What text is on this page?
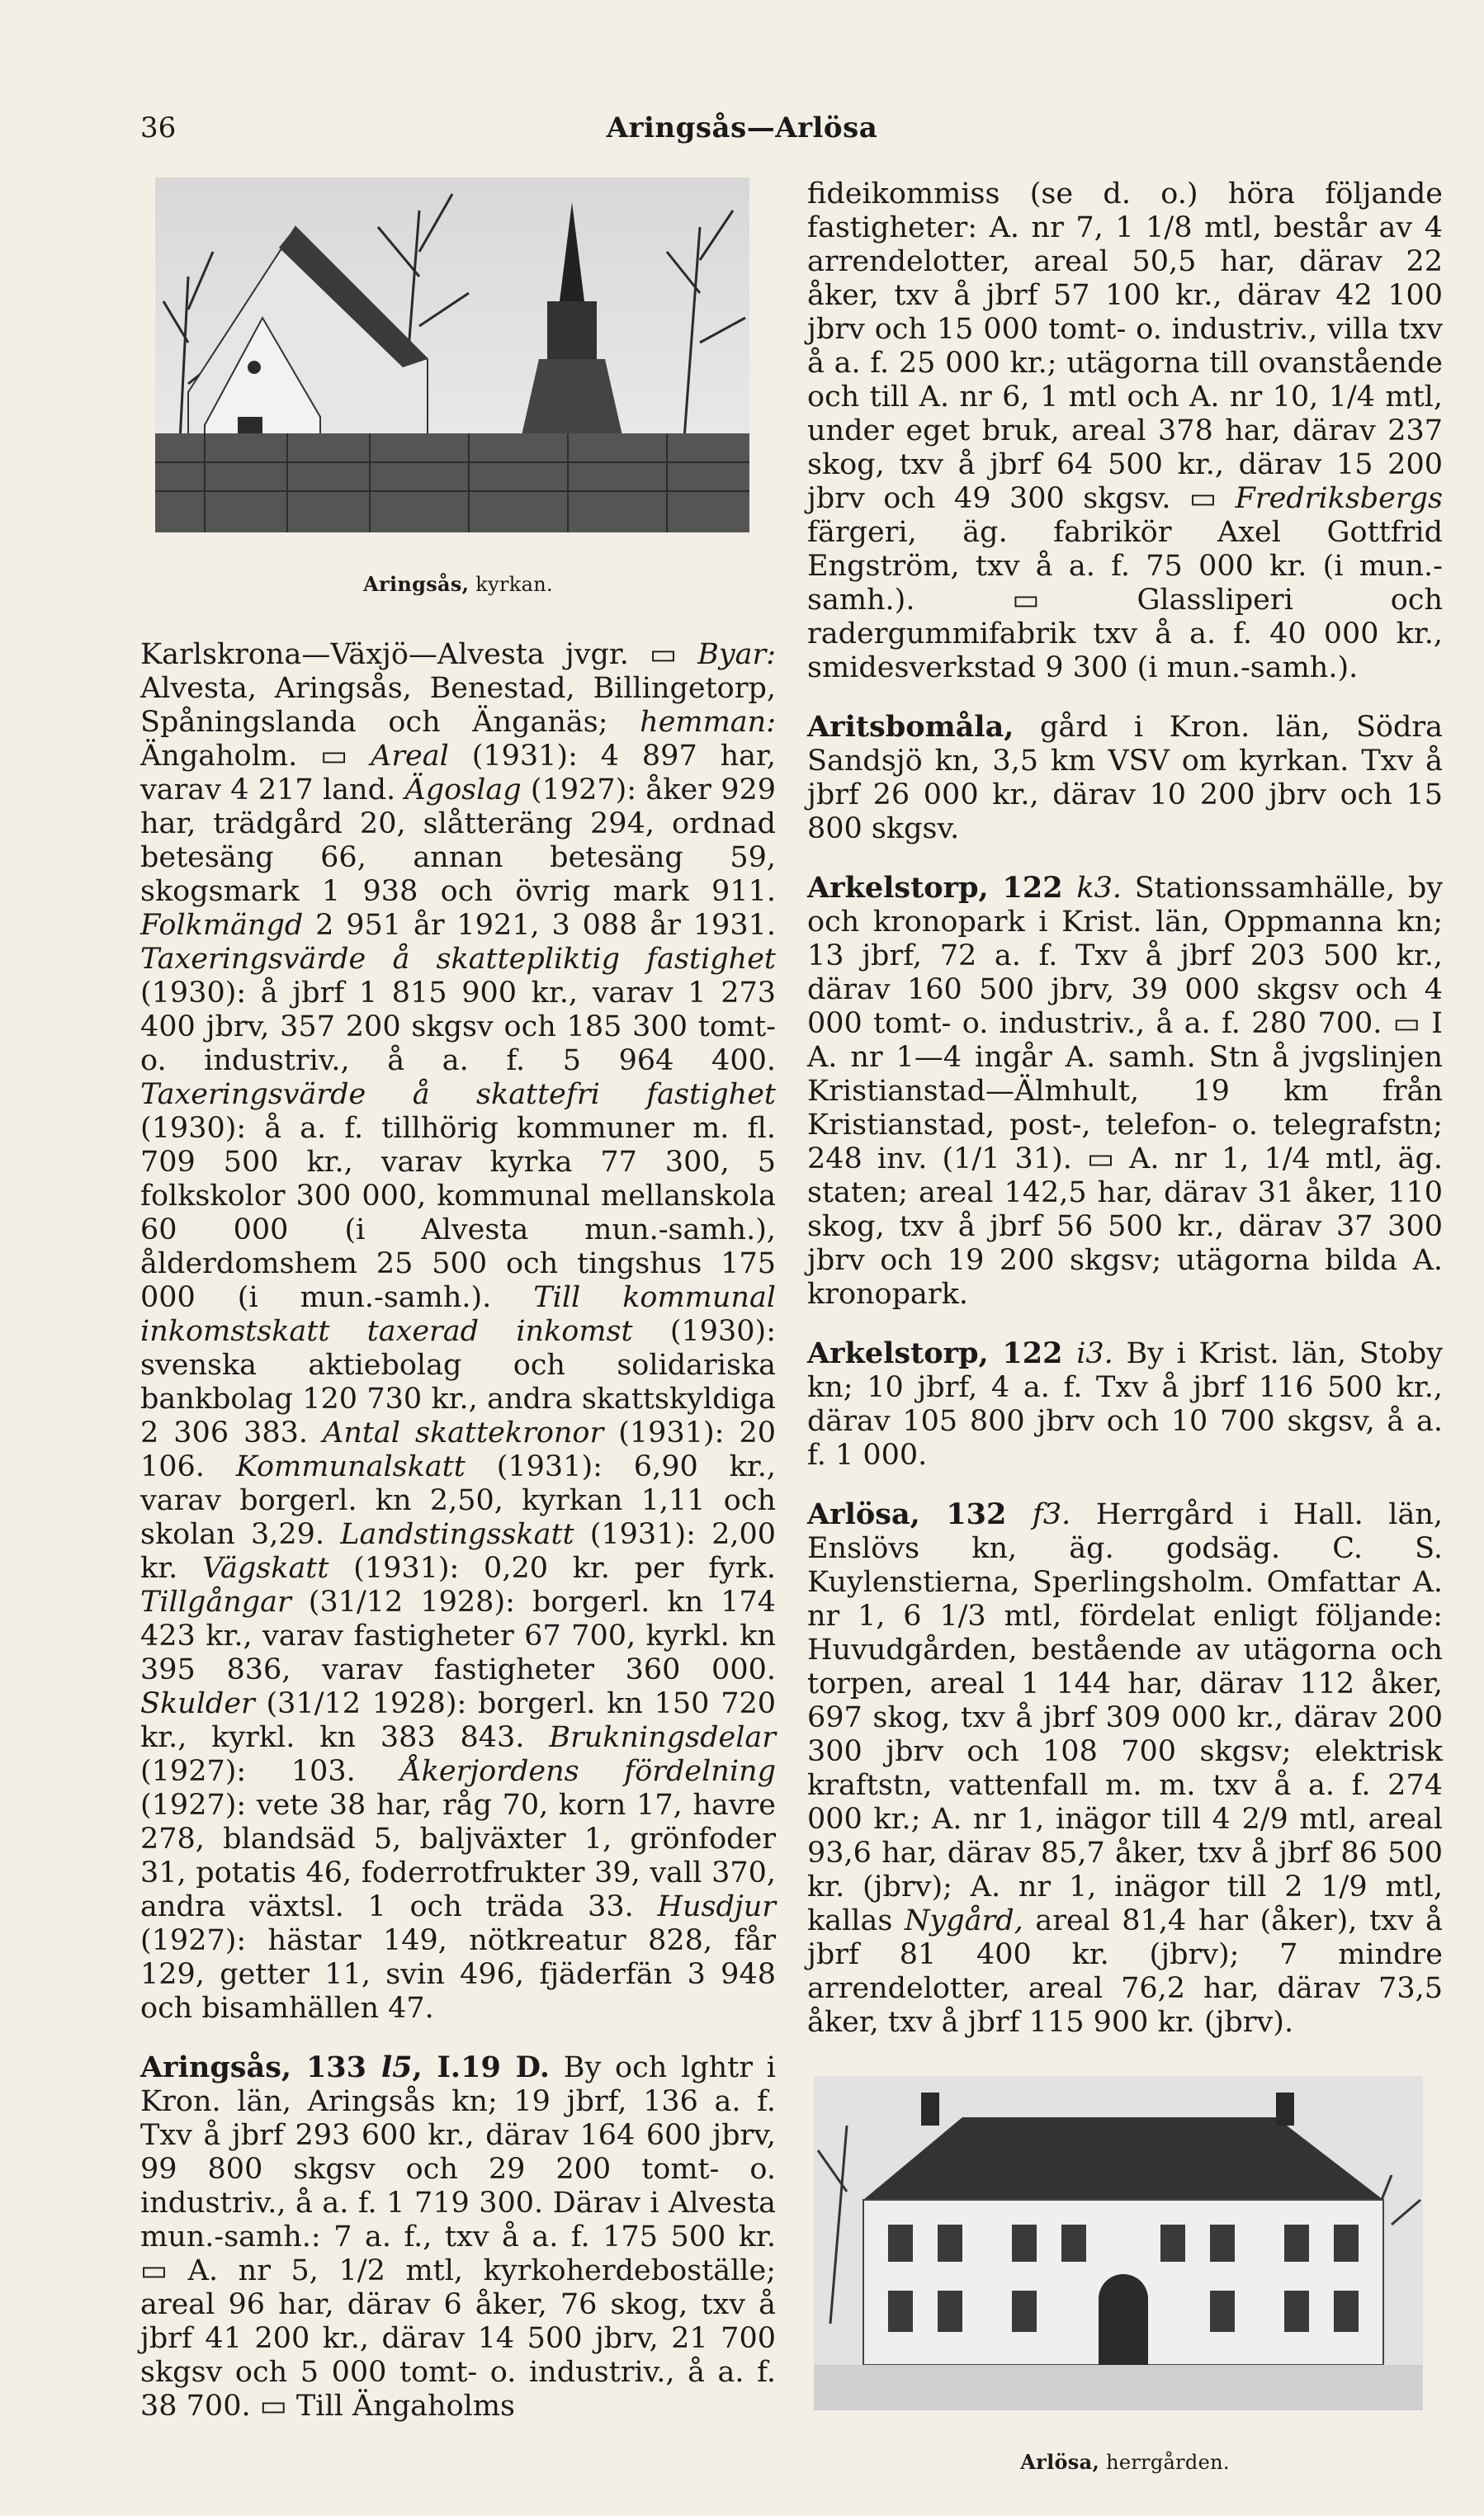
36	Aringsås—Arlösa
Aringsås, kyrkan.

Karlskrona—Växjö—Alvesta jvgr. ▭ Byar: Alvesta, Aringsås, Benestad, Billingetorp, Spåningslanda och Änganäs; hemman: Ängaholm. ▭ Areal (1931): 4 897 har, varav 4 217 land. Ägoslag (1927): åker 929 har, trädgård 20, slåtteräng 294, ordnad betesäng 66, annan betesäng 59, skogsmark 1 938 och övrig mark 911. Folkmängd 2 951 år 1921, 3 088 år 1931. Taxeringsvärde å skattepliktig fastighet (1930): å jbrf 1 815 900 kr., varav 1 273 400 jbrv, 357 200 skgsv och 185 300 tomt- o. industriv., å a. f. 5 964 400. Taxeringsvärde å skattefri fastighet (1930): å a. f. tillhörig kommuner m. fl. 709 500 kr., varav kyrka 77 300, 5 folkskolor 300 000, kommunal mellanskola 60 000 (i Alvesta mun.-samh.), ålderdomshem 25 500 och tingshus 175 000 (i mun.-samh.). Till kommunal inkomstskatt taxerad inkomst (1930): svenska aktiebolag och solidariska bankbolag 120 730 kr., andra skattskyldiga 2 306 383. Antal skattekronor (1931): 20 106. Kommunalskatt (1931): 6,90 kr., varav borgerl. kn 2,50, kyrkan 1,11 och skolan 3,29. Landstingsskatt (1931): 2,00 kr. Vägskatt (1931): 0,20 kr. per fyrk. Tillgångar (31/12 1928): borgerl. kn 174 423 kr., varav fastigheter 67 700, kyrkl. kn 395 836, varav fastigheter 360 000. Skulder (31/12 1928): borgerl. kn 150 720 kr., kyrkl. kn 383 843. Brukningsdelar (1927): 103. Åkerjordens fördelning (1927): vete 38 har, råg 70, korn 17, havre 278, blandsäd 5, baljväxter 1, grönfoder 31, potatis 46, foderrotfrukter 39, vall 370, andra växtsl. 1 och träda 33. Husdjur (1927): hästar 149, nötkreatur 828, får 129, getter 11, svin 496, fjäderfän 3 948 och bisamhällen 47.

Aringsås, 133 l5, I.19 D. By och lghtr i Kron. län, Aringsås kn; 19 jbrf, 136 a. f. Txv å jbrf 293 600 kr., därav 164 600 jbrv, 99 800 skgsv och 29 200 tomt- o. industriv., å a. f. 1 719 300. Därav i Alvesta mun.-samh.: 7 a. f., txv å a. f. 175 500 kr. ▭ A. nr 5, 1/2 mtl, kyrkoherdeboställe; areal 96 har, därav 6 åker, 76 skog, txv å jbrf 41 200 kr., därav 14 500 jbrv, 21 700 skgsv och 5 000 tomt- o. industriv., å a. f. 38 700. ▭ Till Ängaholms

fideikommiss (se d. o.) höra följande fastigheter: A. nr 7, 1 1/8 mtl, består av 4 arrendelotter, areal 50,5 har, därav 22 åker, txv å jbrf 57 100 kr., därav 42 100 jbrv och 15 000 tomt- o. industriv., villa txv å a. f. 25 000 kr.; utägorna till ovanstående och till A. nr 6, 1 mtl och A. nr 10, 1/4 mtl, under eget bruk, areal 378 har, därav 237 skog, txv å jbrf 64 500 kr., därav 15 200 jbrv och 49 300 skgsv. ▭ Fredriksbergs färgeri, äg. fabrikör Axel Gottfrid Engström, txv å a. f. 75 000 kr. (i mun.-samh.). ▭ Glassliperi och radergummifabrik txv å a. f. 40 000 kr., smidesverkstad 9 300 (i mun.-samh.).

Aritsbomåla, gård i Kron. län, Södra Sandsjö kn, 3,5 km VSV om kyrkan. Txv å jbrf 26 000 kr., därav 10 200 jbrv och 15 800 skgsv.

Arkelstorp, 122 k3. Stationssamhälle, by och kronopark i Krist. län, Oppmanna kn; 13 jbrf, 72 a. f. Txv å jbrf 203 500 kr., därav 160 500 jbrv, 39 000 skgsv och 4 000 tomt- o. industriv., å a. f. 280 700. ▭ I A. nr 1—4 ingår A. samh. Stn å jvgslinjen Kristianstad—Älmhult, 19 km från Kristianstad, post-, telefon- o. telegrafstn; 248 inv. (1/1 31). ▭ A. nr 1, 1/4 mtl, äg. staten; areal 142,5 har, därav 31 åker, 110 skog, txv å jbrf 56 500 kr., därav 37 300 jbrv och 19 200 skgsv; utägorna bilda A. kronopark.

Arkelstorp, 122 i3. By i Krist. län, Stoby kn; 10 jbrf, 4 a. f. Txv å jbrf 116 500 kr., därav 105 800 jbrv och 10 700 skgsv, å a. f. 1 000.

Arlösa, 132 f3. Herrgård i Hall. län, Enslövs kn, äg. godsäg. C. S. Kuylenstierna, Sperlingsholm. Omfattar A. nr 1, 6 1/3 mtl, fördelat enligt följande: Huvudgården, bestående av utägorna och torpen, areal 1 144 har, därav 112 åker, 697 skog, txv å jbrf 309 000 kr., därav 200 300 jbrv och 108 700 skgsv; elektrisk kraftstn, vattenfall m. m. txv å a. f. 274 000 kr.; A. nr 1, inägor till 4 2/9 mtl, areal 93,6 har, därav 85,7 åker, txv å jbrf 86 500 kr. (jbrv); A. nr 1, inägor till 2 1/9 mtl, kallas Nygård, areal 81,4 har (åker), txv å jbrf 81 400 kr. (jbrv); 7 mindre arrendelotter, areal 76,2 har, därav 73,5 åker, txv å jbrf 115 900 kr. (jbrv).

Arlösa, herrgården.
